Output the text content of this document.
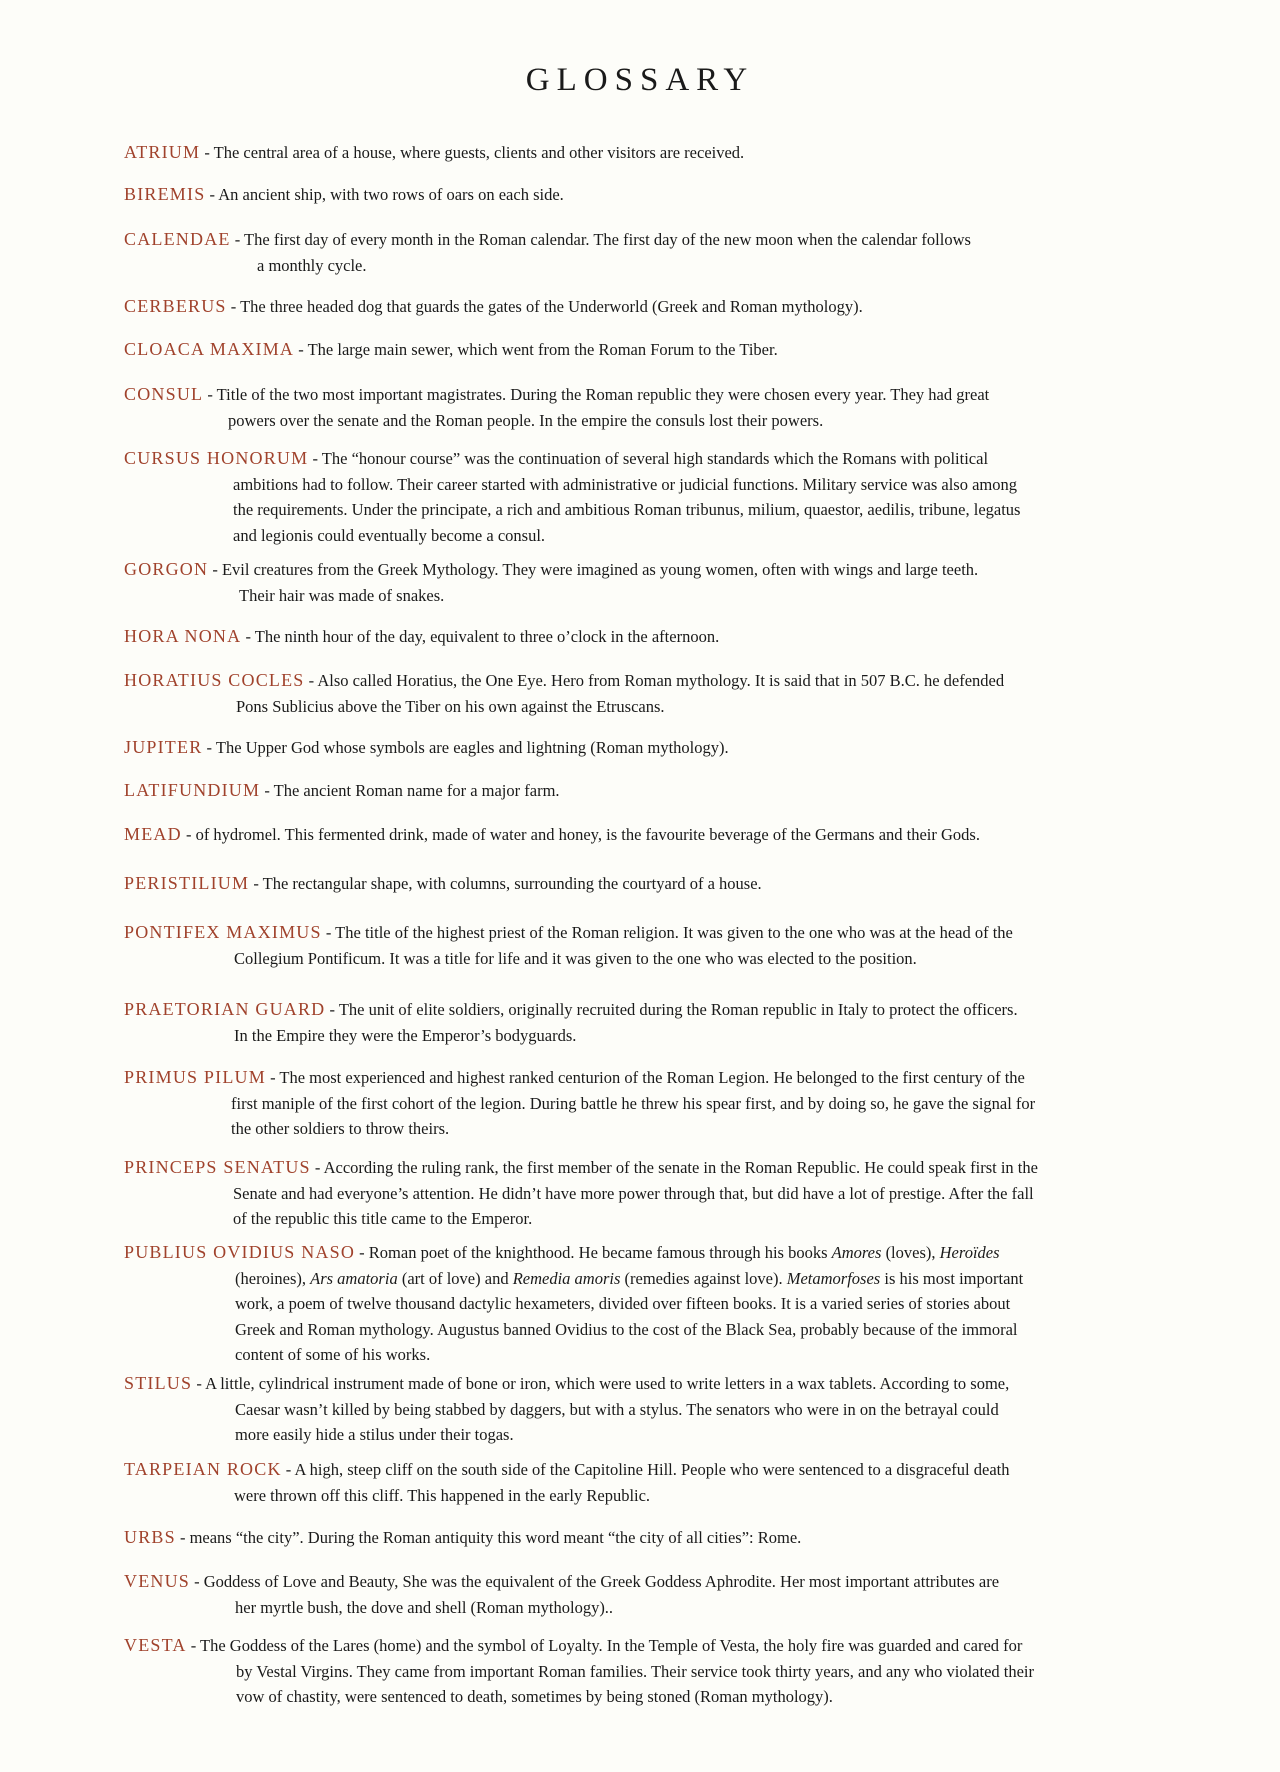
GLOSSARY
ATRIUM - The central area of a house, where guests, clients and other visitors are received.
BIREMIS - An ancient ship, with two rows of oars on each side.
CALENDAE - The first day of every month in the Roman calendar. The first day of the new moon when the calendar follows
a monthly cycle.
CERBERUS - The three headed dog that guards the gates of the Underworld (Greek and Roman mythology).
CLOACA MAXIMA - The large main sewer, which went from the Roman Forum to the Tiber.
CONSUL - Title of the two most important magistrates. During the Roman republic they were chosen every year. They had great
powers over the senate and the Roman people. In the empire the consuls lost their powers.
CURSUS HONORUM - The “honour course” was the continuation of several high standards which the Romans with political
ambitions had to follow. Their career started with administrative or judicial functions. Military service was also among
the requirements. Under the principate, a rich and ambitious Roman tribunus, milium, quaestor, aedilis, tribune, legatus
and legionis could eventually become a consul.
GORGON - Evil creatures from the Greek Mythology. They were imagined as young women, often with wings and large teeth.
Their hair was made of snakes.
HORA NONA - The ninth hour of the day, equivalent to three o’clock in the afternoon.
HORATIUS COCLES - Also called Horatius, the One Eye. Hero from Roman mythology. It is said that in 507 B.C. he defended
Pons Sublicius above the Tiber on his own against the Etruscans.
JUPITER - The Upper God whose symbols are eagles and lightning (Roman mythology).
LATIFUNDIUM - The ancient Roman name for a major farm.
MEAD - of hydromel. This fermented drink, made of water and honey, is the favourite beverage of the Germans and their Gods.
PERISTILIUM - The rectangular shape, with columns, surrounding the courtyard of a house.
PONTIFEX MAXIMUS - The title of the highest priest of the Roman religion. It was given to the one who was at the head of the
Collegium Pontificum. It was a title for life and it was given to the one who was elected to the position.
PRAETORIAN GUARD - The unit of elite soldiers, originally recruited during the Roman republic in Italy to protect the officers.
In the Empire they were the Emperor’s bodyguards.
PRIMUS PILUM - The most experienced and highest ranked centurion of the Roman Legion. He belonged to the first century of the
first maniple of the first cohort of the legion. During battle he threw his spear first, and by doing so, he gave the signal for
the other soldiers to throw theirs.
PRINCEPS SENATUS - According the ruling rank, the first member of the senate in the Roman Republic. He could speak first in the
Senate and had everyone’s attention. He didn’t have more power through that, but did have a lot of prestige. After the fall
of the republic this title came to the Emperor.
PUBLIUS OVIDIUS NASO - Roman poet of the knighthood. He became famous through his books Amores (loves), Heroïdes
(heroines), Ars amatoria (art of love) and Remedia amoris (remedies against love). Metamorfoses is his most important
work, a poem of twelve thousand dactylic hexameters, divided over fifteen books. It is a varied series of stories about
Greek and Roman mythology. Augustus banned Ovidius to the cost of the Black Sea, probably because of the immoral
content of some of his works.
STILUS - A little, cylindrical instrument made of bone or iron, which were used to write letters in a wax tablets. According to some,
Caesar wasn’t killed by being stabbed by daggers, but with a stylus. The senators who were in on the betrayal could
more easily hide a stilus under their togas.
TARPEIAN ROCK - A high, steep cliff on the south side of the Capitoline Hill. People who were sentenced to a disgraceful death
were thrown off this cliff. This happened in the early Republic.
URBS - means “the city”. During the Roman antiquity this word meant “the city of all cities”: Rome.
VENUS - Goddess of Love and Beauty, She was the equivalent of the Greek Goddess Aphrodite. Her most important attributes are
her myrtle bush, the dove and shell (Roman mythology)..
VESTA - The Goddess of the Lares (home) and the symbol of Loyalty. In the Temple of Vesta, the holy fire was guarded and cared for
by Vestal Virgins. They came from important Roman families. Their service took thirty years, and any who violated their
vow of chastity, were sentenced to death, sometimes by being stoned (Roman mythology).
